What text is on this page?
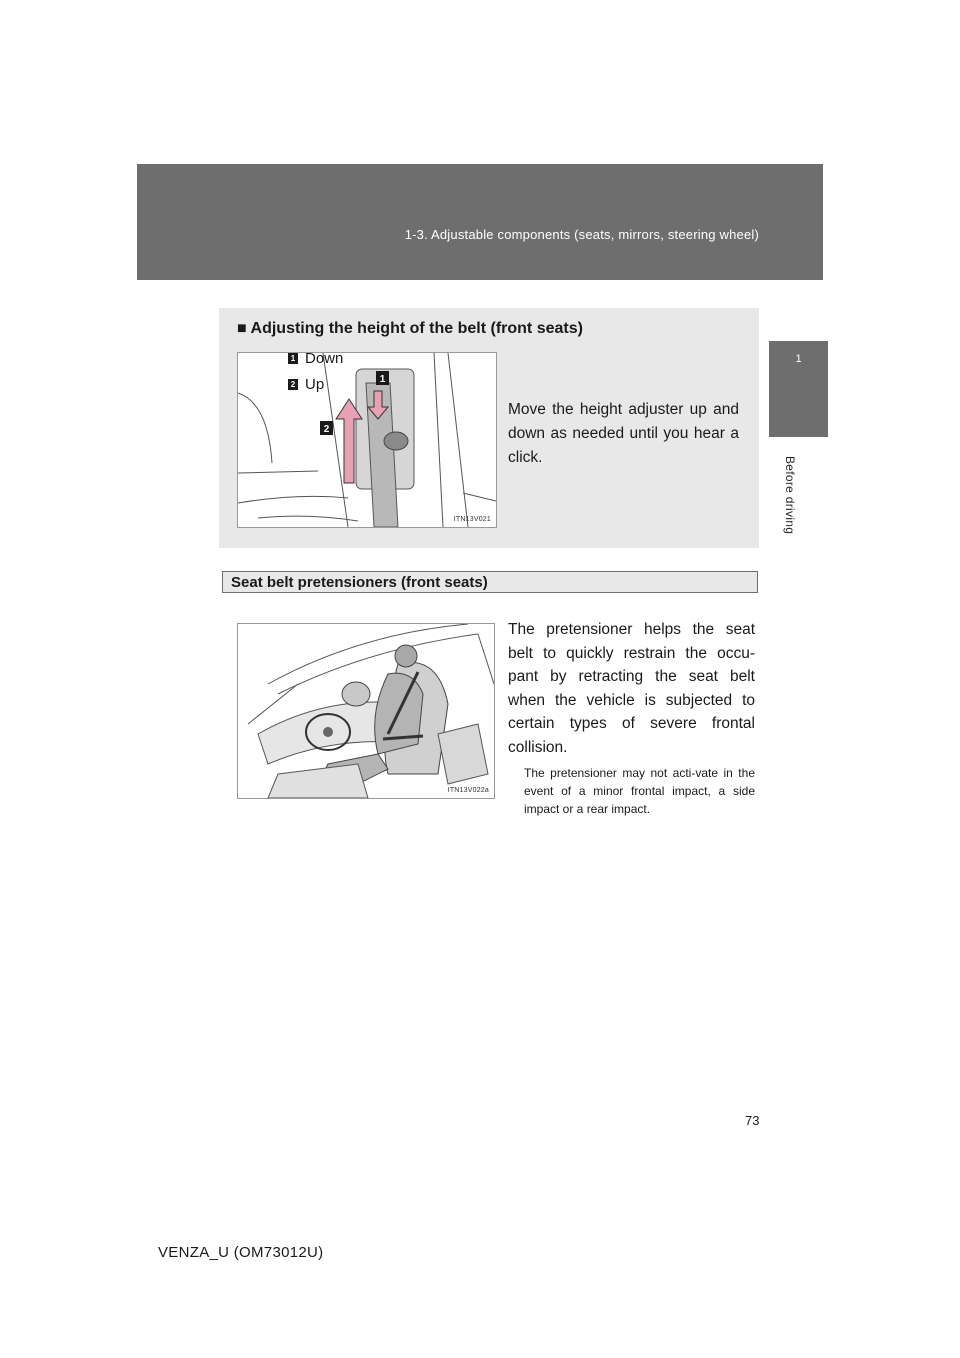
1-3. Adjustable components (seats, mirrors, steering wheel)
1
Before driving
■ Adjusting the height of the belt (front seats)
1
2
ITN13V021
1 Down
2 Up
Move the height adjuster up and down as needed until you hear a click.
Seat belt pretensioners (front seats)
ITN13V022a
The pretensioner helps the seat belt to quickly restrain the occu-pant by retracting the seat belt when the vehicle is subjected to certain types of severe frontal collision.
The pretensioner may not acti-vate in the event of a minor frontal impact, a side impact or a rear impact.
73
VENZA_U (OM73012U)
